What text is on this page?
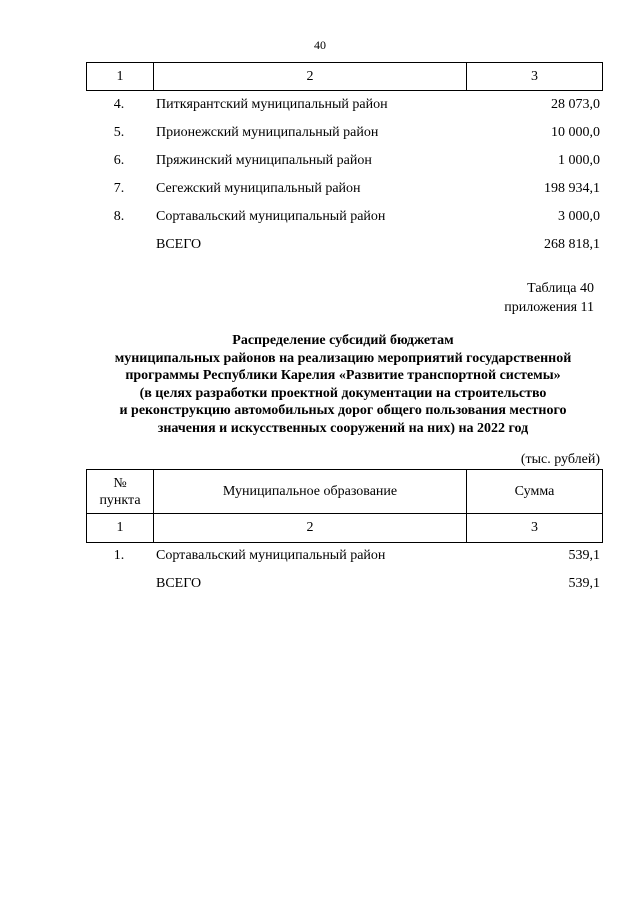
40
1	2	3
4.	Питкярантский муниципальный район	28 073,0
5.	Прионежский муниципальный район	10 000,0
6.	Пряжинский муниципальный район	1 000,0
7.	Сегежский муниципальный район	198 934,1
8.	Сортавальский муниципальный район	3 000,0
ВСЕГО	268 818,1
Таблица 40
приложения 11
Распределение субсидий бюджетам
муниципальных районов на реализацию мероприятий государственной
программы Республики Карелия «Развитие транспортной системы»
(в целях разработки проектной документации на строительство
и реконструкцию автомобильных дорог общего пользования местного
значения и искусственных сооружений на них) на 2022 год
(тыс. рублей)
№
пункта	Муниципальное образование	Сумма
1	2	3
1.	Сортавальский муниципальный район	539,1
ВСЕГО	539,1
